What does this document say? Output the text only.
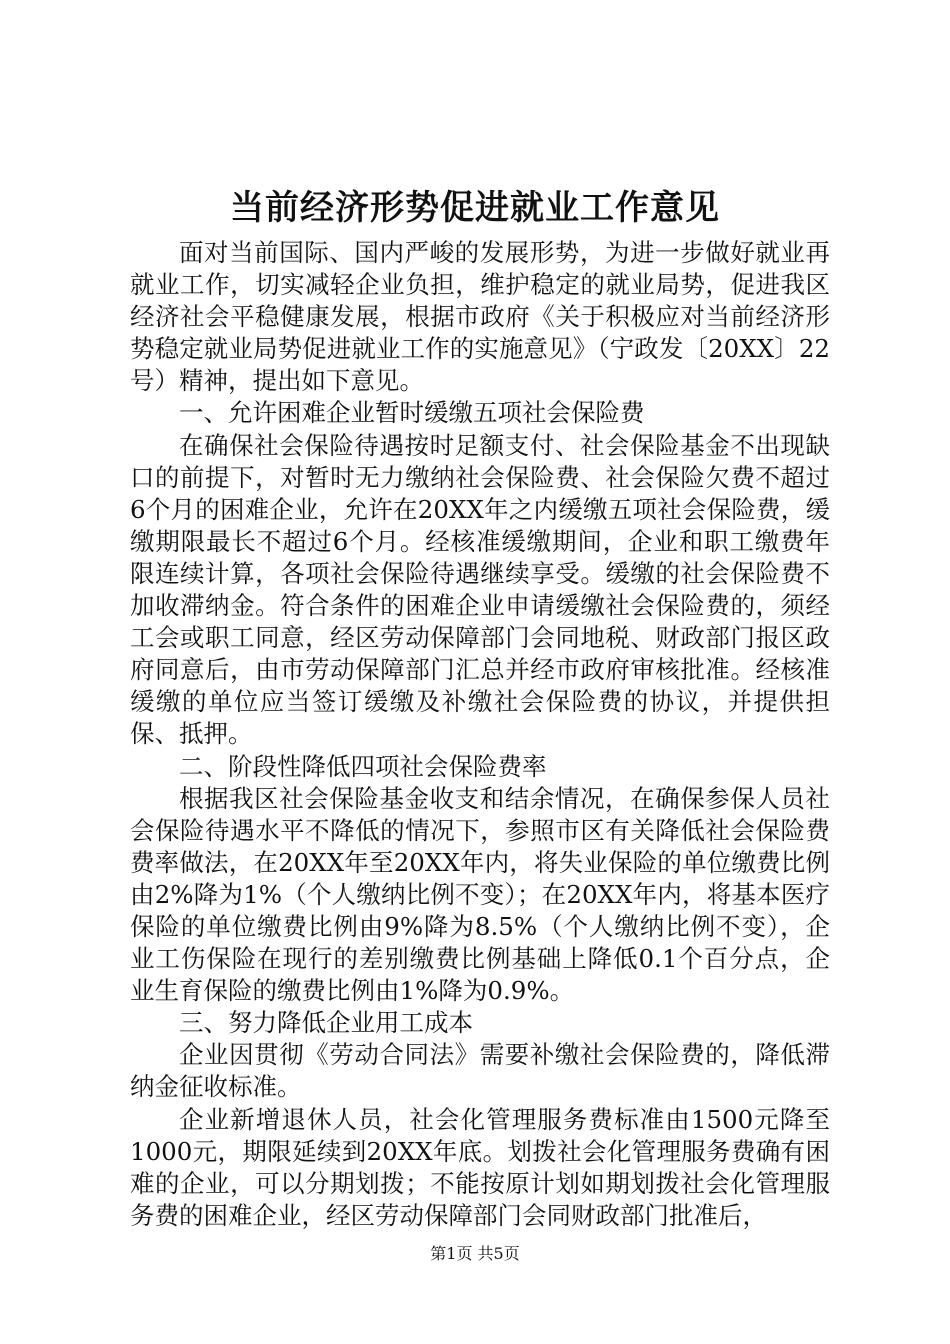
当前经济形势促进就业工作意见

面对当前国际、国内严峻的发展形势，为进一步做好就业再就业工作，切实减轻企业负担，维护稳定的就业局势，促进我区经济社会平稳健康发展，根据市政府《关于积极应对当前经济形势稳定就业局势促进就业工作的实施意见》（宁政发〔20XX〕22号）精神，提出如下意见。

一、允许困难企业暂时缓缴五项社会保险费

在确保社会保险待遇按时足额支付、社会保险基金不出现缺口的前提下，对暂时无力缴纳社会保险费、社会保险欠费不超过6个月的困难企业，允许在20XX年之内缓缴五项社会保险费，缓缴期限最长不超过6个月。经核准缓缴期间，企业和职工缴费年限连续计算，各项社会保险待遇继续享受。缓缴的社会保险费不加收滞纳金。符合条件的困难企业申请缓缴社会保险费的，须经工会或职工同意，经区劳动保障部门会同地税、财政部门报区政府同意后，由市劳动保障部门汇总并经市政府审核批准。经核准缓缴的单位应当签订缓缴及补缴社会保险费的协议，并提供担保、抵押。

二、阶段性降低四项社会保险费率

根据我区社会保险基金收支和结余情况，在确保参保人员社会保险待遇水平不降低的情况下，参照市区有关降低社会保险费费率做法，在20XX年至20XX年内，将失业保险的单位缴费比例由2%降为1%（个人缴纳比例不变）；在20XX年内，将基本医疗保险的单位缴费比例由9%降为8.5%（个人缴纳比例不变），企业工伤保险在现行的差别缴费比例基础上降低0.1个百分点，企业生育保险的缴费比例由1%降为0.9%。

三、努力降低企业用工成本

企业因贯彻《劳动合同法》需要补缴社会保险费的，降低滞纳金征收标准。

企业新增退休人员，社会化管理服务费标准由1500元降至1000元，期限延续到20XX年底。划拨社会化管理服务费确有困难的企业，可以分期划拨；不能按原计划如期划拨社会化管理服务费的困难企业，经区劳动保障部门会同财政部门批准后，

第1页 共5页
